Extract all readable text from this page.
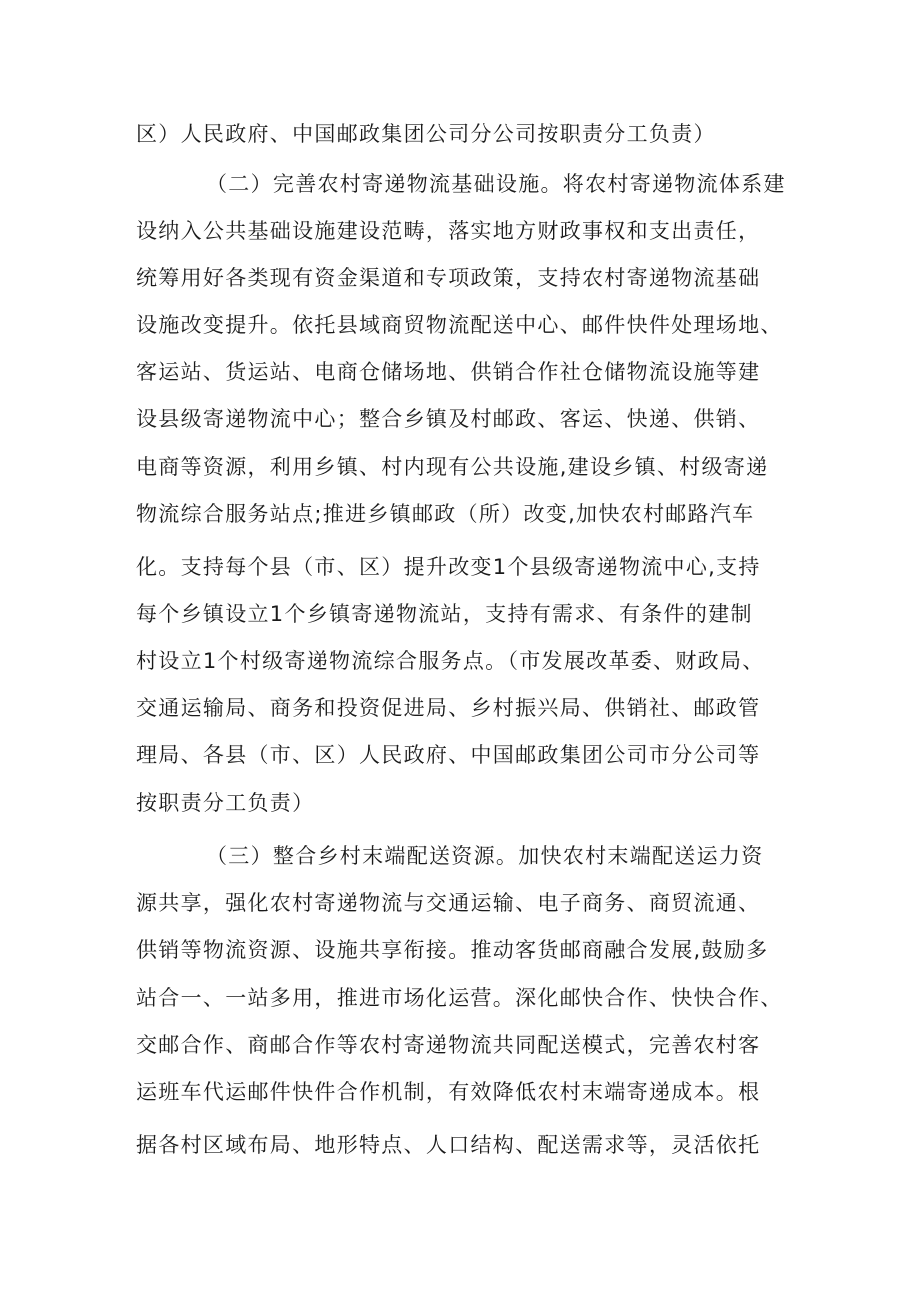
区）人民政府、中国邮政集团公司分公司按职责分工负责）
（二）完善农村寄递物流基础设施。将农村寄递物流体系建
设纳入公共基础设施建设范畴，落实地方财政事权和支出责任，
统筹用好各类现有资金渠道和专项政策，支持农村寄递物流基础
设施改变提升。依托县域商贸物流配送中心、邮件快件处理场地、
客运站、货运站、电商仓储场地、供销合作社仓储物流设施等建
设县级寄递物流中心；整合乡镇及村邮政、客运、快递、供销、
电商等资源，利用乡镇、村内现有公共设施,建设乡镇、村级寄递
物流综合服务站点;推进乡镇邮政（所）改变,加快农村邮路汽车
化。支持每个县（市、区）提升改变1个县级寄递物流中心,支持
每个乡镇设立1个乡镇寄递物流站，支持有需求、有条件的建制
村设立1个村级寄递物流综合服务点。（市发展改革委、财政局、
交通运输局、商务和投资促进局、乡村振兴局、供销社、邮政管
理局、各县（市、区）人民政府、中国邮政集团公司市分公司等
按职责分工负责）
（三）整合乡村末端配送资源。加快农村末端配送运力资
源共享，强化农村寄递物流与交通运输、电子商务、商贸流通、
供销等物流资源、设施共享衔接。推动客货邮商融合发展,鼓励多
站合一、一站多用，推进市场化运营。深化邮快合作、快快合作、
交邮合作、商邮合作等农村寄递物流共同配送模式，完善农村客
运班车代运邮件快件合作机制，有效降低农村末端寄递成本。根
据各村区域布局、地形特点、人口结构、配送需求等，灵活依托
